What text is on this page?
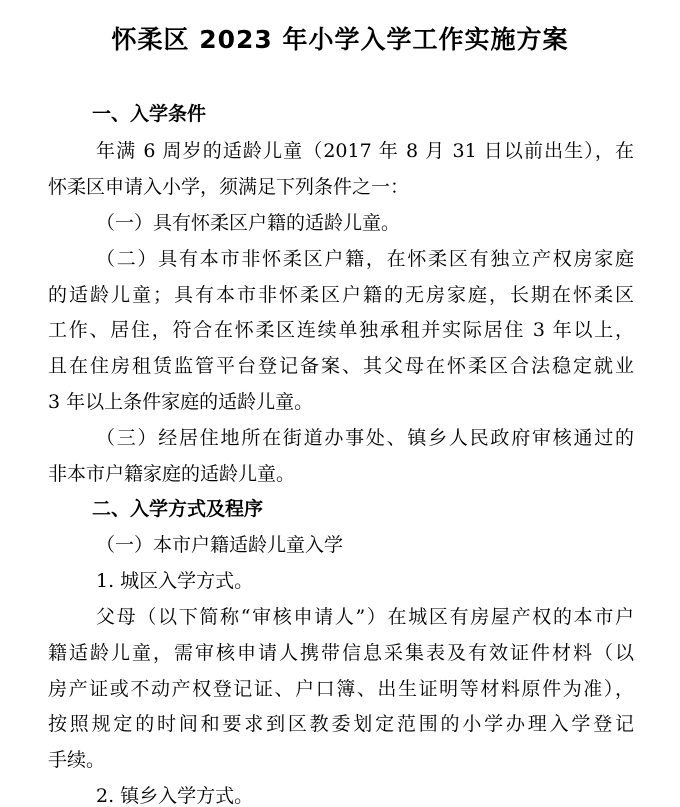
怀柔区 2023 年小学入学工作实施方案
一、入学条件
年满 6 周岁的适龄儿童（2017 年 8 月 31 日以前出生），在
怀柔区申请入小学，须满足下列条件之一：
（一）具有怀柔区户籍的适龄儿童。
（二）具有本市非怀柔区户籍，在怀柔区有独立产权房家庭
的适龄儿童；具有本市非怀柔区户籍的无房家庭，长期在怀柔区
工作、居住，符合在怀柔区连续单独承租并实际居住 3 年以上，
且在住房租赁监管平台登记备案、其父母在怀柔区合法稳定就业
3 年以上条件家庭的适龄儿童。
（三）经居住地所在街道办事处、镇乡人民政府审核通过的
非本市户籍家庭的适龄儿童。
二、入学方式及程序
（一）本市户籍适龄儿童入学
1. 城区入学方式。
父母（以下简称“审核申请人”）在城区有房屋产权的本市户
籍适龄儿童，需审核申请人携带信息采集表及有效证件材料（以
房产证或不动产权登记证、户口簿、出生证明等材料原件为准），
按照规定的时间和要求到区教委划定范围的小学办理入学登记
手续。
2. 镇乡入学方式。
